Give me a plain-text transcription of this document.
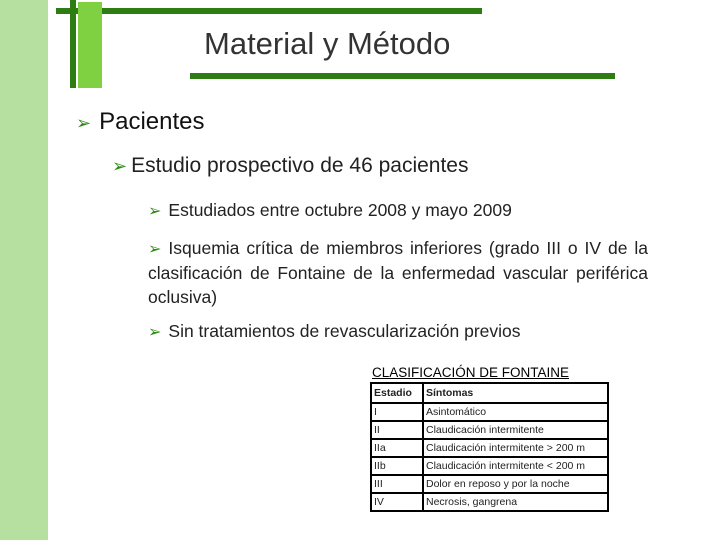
Material y Método
➢ Pacientes
➢ Estudio prospectivo de 46 pacientes
➢ Estudiados entre octubre 2008 y mayo 2009
➢ Isquemia crítica de miembros inferiores (grado III o IV de la clasificación de Fontaine de la enfermedad vascular periférica oclusiva)
➢ Sin tratamientos de revascularización previos
CLASIFICACIÓN DE FONTAINE
Estadio	Síntomas
I	Asintomático
II	Claudicación intermitente
IIa	Claudicación intermitente > 200 m
IIb	Claudicación intermitente < 200 m
III	Dolor en reposo y por la noche
IV	Necrosis, gangrena
